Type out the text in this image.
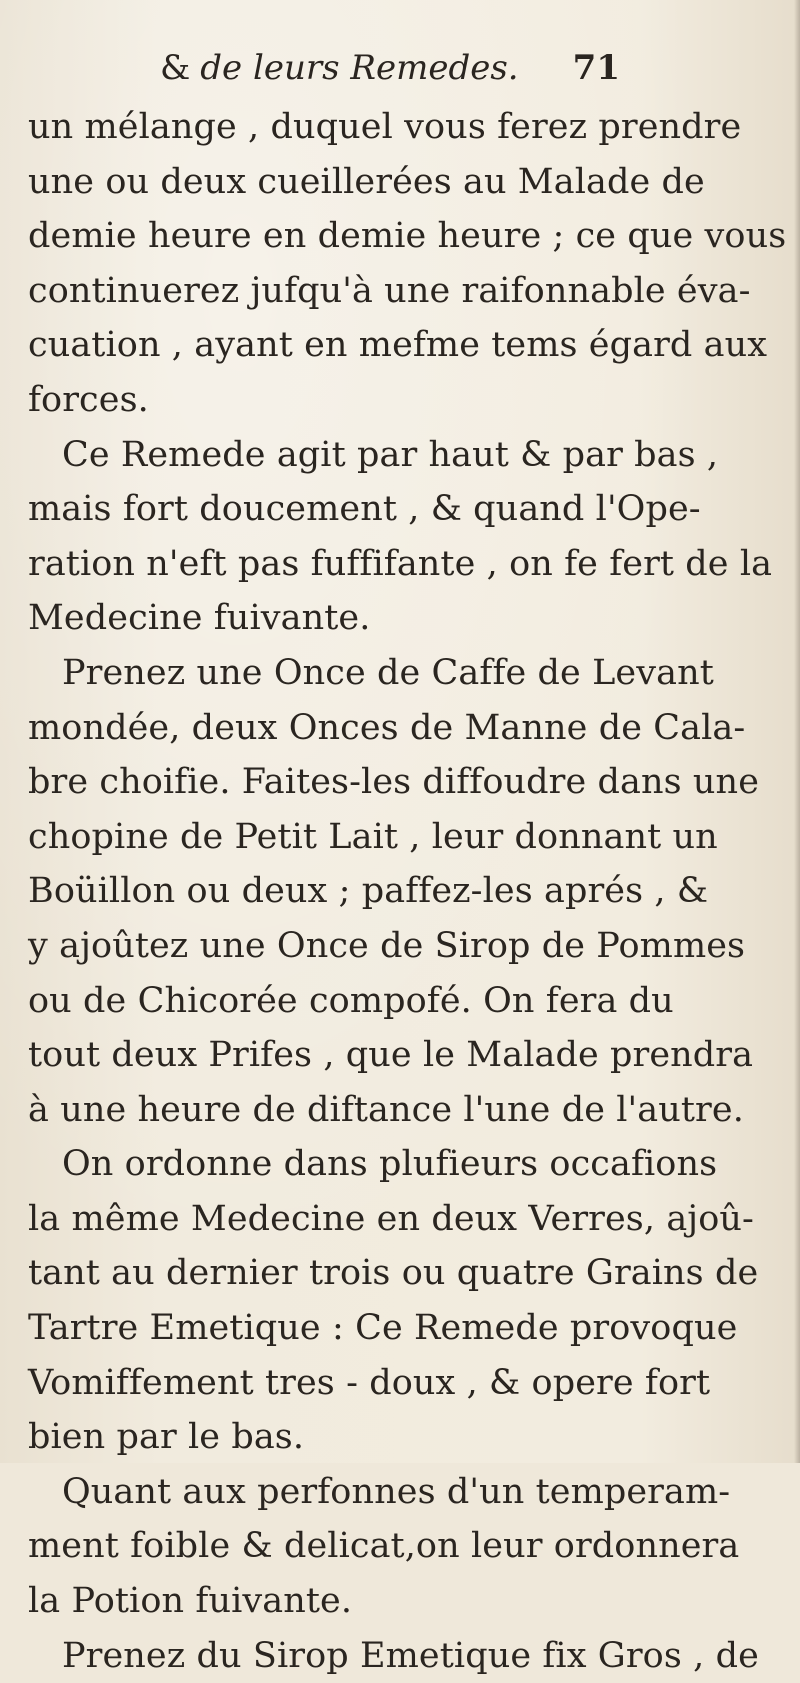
& de leurs Remedes. 71
un mélange , duquel vous ferez prendre
une ou deux cueillerées au Malade de
demie heure en demie heure ; ce que vous
continuerez jufqu'à une raifonnable éva-
cuation , ayant en mefme tems égard aux
forces.
Ce Remede agit par haut & par bas ,
mais fort doucement , & quand l'Ope-
ration n'eft pas fuffifante , on fe fert de la
Medecine fuivante.
Prenez une Once de Caffe de Levant
mondée, deux Onces de Manne de Cala-
bre choifie. Faites-les diffoudre dans une
chopine de Petit Lait , leur donnant un
Boüillon ou deux ; paffez-les aprés , &
y ajoûtez une Once de Sirop de Pommes
ou de Chicorée compofé. On fera du
tout deux Prifes , que le Malade prendra
à une heure de diftance l'une de l'autre.
On ordonne dans plufieurs occafions
la même Medecine en deux Verres, ajoû-
tant au dernier trois ou quatre Grains de
Tartre Emetique : Ce Remede provoque
Vomiffement tres - doux , & opere fort
bien par le bas.
Quant aux perfonnes d'un temperam-
ment foible & delicat,on leur ordonnera
la Potion fuivante.
Prenez du Sirop Emetique fix Gros , de
